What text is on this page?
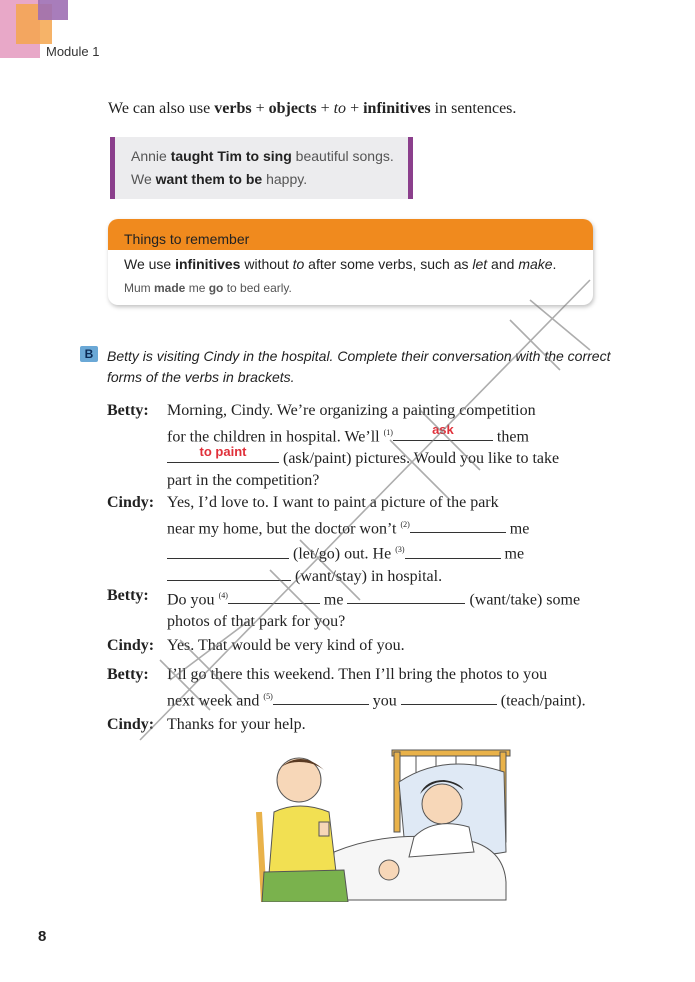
Module 1
We can also use verbs + objects + to + infinitives in sentences.
Annie taught Tim to sing beautiful songs.
We want them to be happy.
Things to remember
We use infinitives without to after some verbs, such as let and make.
Mum made me go to bed early.
B Betty is visiting Cindy in the hospital. Complete their conversation with the correct forms of the verbs in brackets.
Betty: Morning, Cindy. We’re organizing a painting competition
for the children in hospital. We’ll $^{(1)}$	ask	them
to paint	(ask/paint) pictures. Would you like to take
part in the competition?
Cindy: Yes, I’d love to. I want to paint a picture of the park
near my home, but the doctor won’t $^{(2)}$	me
(let/go) out. He $^{(3)}$	me
(want/stay) in hospital.
Betty: Do you $^{(4)}$	me	(want/take) some
photos of that park for you?
Cindy: Yes. That would be very kind of you.
Betty: I’ll go there this weekend. Then I’ll bring the photos to you
next week and $^{(5)}$	you	(teach/paint).
Cindy: Thanks for your help.
8
